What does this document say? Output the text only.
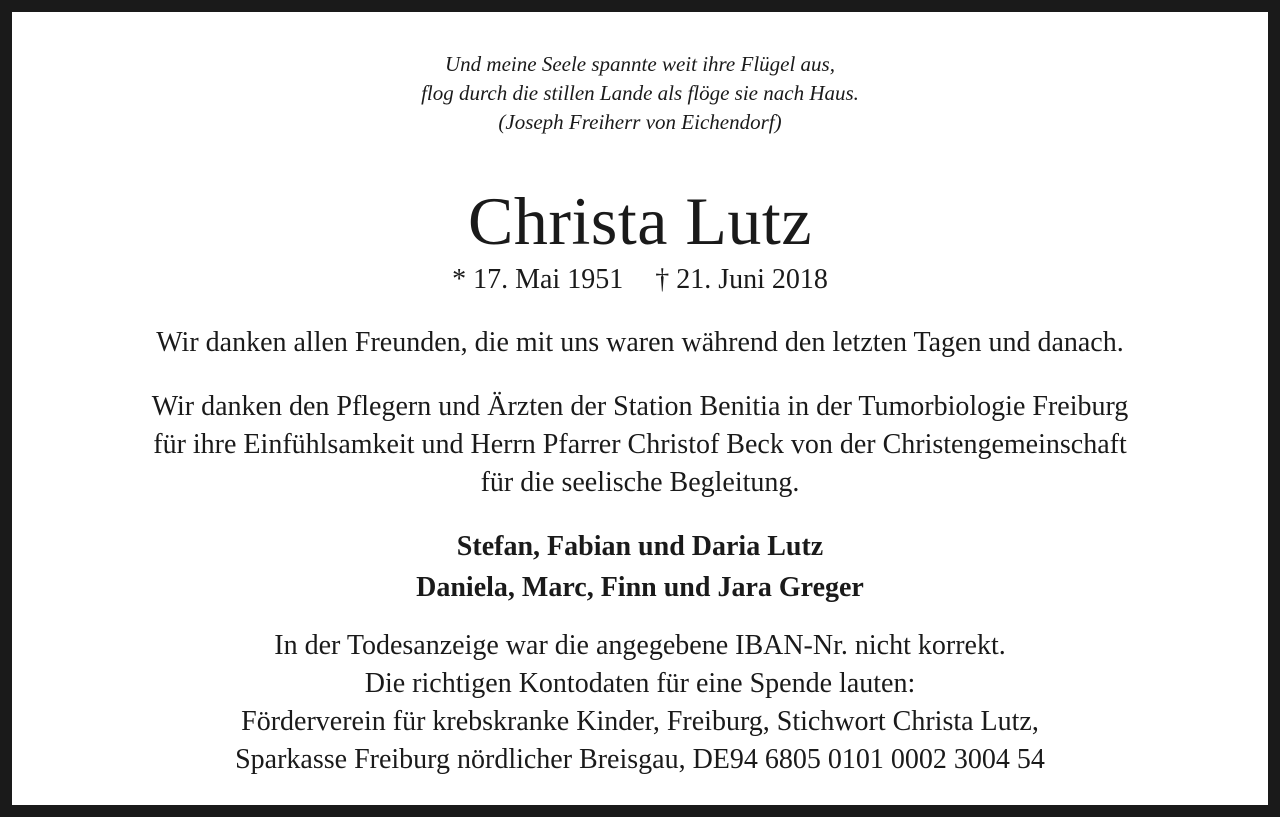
Und meine Seele spannte weit ihre Flügel aus,
flog durch die stillen Lande als flöge sie nach Haus.
(Joseph Freiherr von Eichendorf)
Christa Lutz
* 17. Mai 1951 † 21. Juni 2018
Wir danken allen Freunden, die mit uns waren während den letzten Tagen und danach.
Wir danken den Pflegern und Ärzten der Station Benitia in der Tumorbiologie Freiburg
für ihre Einfühlsamkeit und Herrn Pfarrer Christof Beck von der Christengemeinschaft
für die seelische Begleitung.
Stefan, Fabian und Daria Lutz
Daniela, Marc, Finn und Jara Greger
In der Todesanzeige war die angegebene IBAN-Nr. nicht korrekt.
Die richtigen Kontodaten für eine Spende lauten:
Förderverein für krebskranke Kinder, Freiburg, Stichwort Christa Lutz,
Sparkasse Freiburg nördlicher Breisgau, DE94 6805 0101 0002 3004 54
